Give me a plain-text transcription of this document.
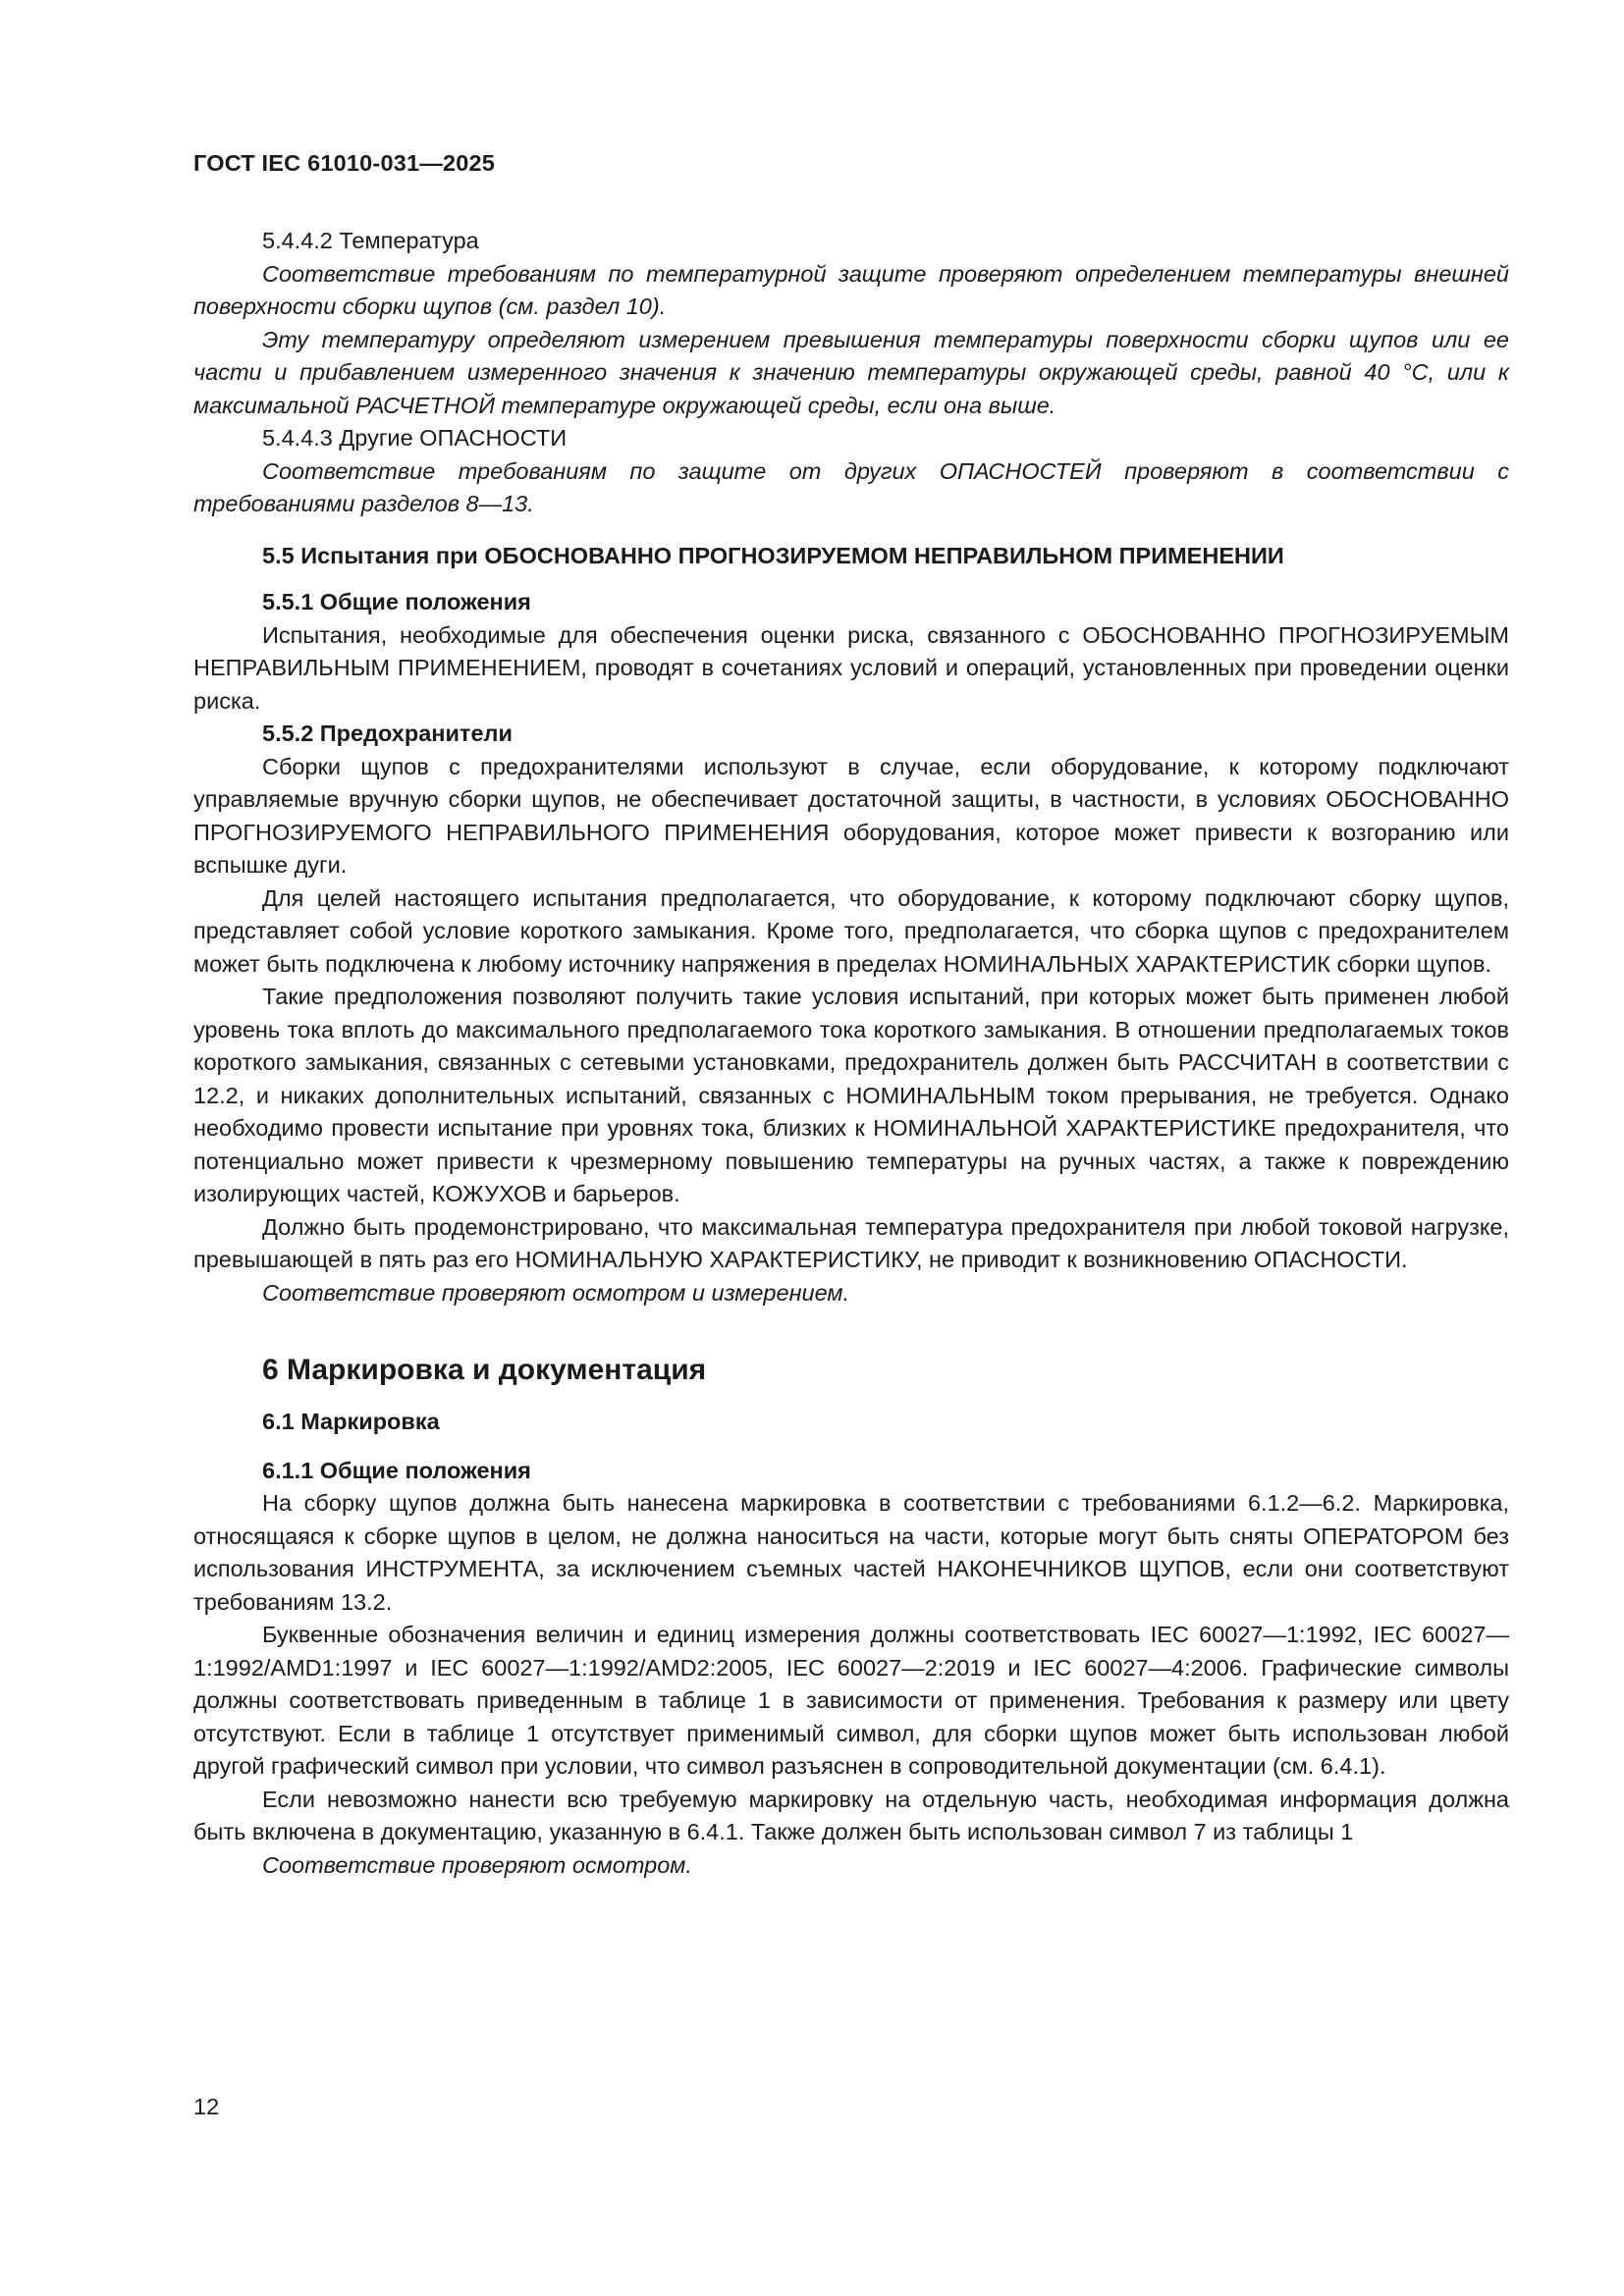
ГОСТ IEC 61010-031—2025

5.4.4.2 Температура

Соответствие требованиям по температурной защите проверяют определением температуры внешней поверхности сборки щупов (см. раздел 10).

Эту температуру определяют измерением превышения температуры поверхности сборки щупов или ее части и прибавлением измеренного значения к значению температуры окружающей среды, равной 40 °C, или к максимальной РАСЧЕТНОЙ температуре окружающей среды, если она выше.

5.4.4.3 Другие ОПАСНОСТИ

Соответствие требованиям по защите от других ОПАСНОСТЕЙ проверяют в соответствии с требованиями разделов 8—13.

5.5 Испытания при ОБОСНОВАННО ПРОГНОЗИРУЕМОМ НЕПРАВИЛЬНОМ ПРИМЕНЕНИИ

5.5.1 Общие положения

Испытания, необходимые для обеспечения оценки риска, связанного с ОБОСНОВАННО ПРОГНОЗИРУЕМЫМ НЕПРАВИЛЬНЫМ ПРИМЕНЕНИЕМ, проводят в сочетаниях условий и операций, установленных при проведении оценки риска.

5.5.2 Предохранители

Сборки щупов с предохранителями используют в случае, если оборудование, к которому подключают управляемые вручную сборки щупов, не обеспечивает достаточной защиты, в частности, в условиях ОБОСНОВАННО ПРОГНОЗИРУЕМОГО НЕПРАВИЛЬНОГО ПРИМЕНЕНИЯ оборудования, которое может привести к возгоранию или вспышке дуги.

Для целей настоящего испытания предполагается, что оборудование, к которому подключают сборку щупов, представляет собой условие короткого замыкания. Кроме того, предполагается, что сборка щупов с предохранителем может быть подключена к любому источнику напряжения в пределах НОМИНАЛЬНЫХ ХАРАКТЕРИСТИК сборки щупов.

Такие предположения позволяют получить такие условия испытаний, при которых может быть применен любой уровень тока вплоть до максимального предполагаемого тока короткого замыкания. В отношении предполагаемых токов короткого замыкания, связанных с сетевыми установками, предохранитель должен быть РАССЧИТАН в соответствии с 12.2, и никаких дополнительных испытаний, связанных с НОМИНАЛЬНЫМ током прерывания, не требуется. Однако необходимо провести испытание при уровнях тока, близких к НОМИНАЛЬНОЙ ХАРАКТЕРИСТИКЕ предохранителя, что потенциально может привести к чрезмерному повышению температуры на ручных частях, а также к повреждению изолирующих частей, КОЖУХОВ и барьеров.

Должно быть продемонстрировано, что максимальная температура предохранителя при любой токовой нагрузке, превышающей в пять раз его НОМИНАЛЬНУЮ ХАРАКТЕРИСТИКУ, не приводит к возникновению ОПАСНОСТИ.

Соответствие проверяют осмотром и измерением.

6 Маркировка и документация

6.1 Маркировка

6.1.1 Общие положения

На сборку щупов должна быть нанесена маркировка в соответствии с требованиями 6.1.2—6.2. Маркировка, относящаяся к сборке щупов в целом, не должна наноситься на части, которые могут быть сняты ОПЕРАТОРОМ без использования ИНСТРУМЕНТА, за исключением съемных частей НАКОНЕЧНИКОВ ЩУПОВ, если они соответствуют требованиям 13.2.

Буквенные обозначения величин и единиц измерения должны соответствовать IEC 60027—1:1992, IEC 60027—1:1992/AMD1:1997 и IEC 60027—1:1992/AMD2:2005, IEC 60027—2:2019 и IEC 60027—4:2006. Графические символы должны соответствовать приведенным в таблице 1 в зависимости от применения. Требования к размеру или цвету отсутствуют. Если в таблице 1 отсутствует применимый символ, для сборки щупов может быть использован любой другой графический символ при условии, что символ разъяснен в сопроводительной документации (см. 6.4.1).

Если невозможно нанести всю требуемую маркировку на отдельную часть, необходимая информация должна быть включена в документацию, указанную в 6.4.1. Также должен быть использован символ 7 из таблицы 1

Соответствие проверяют осмотром.

12
